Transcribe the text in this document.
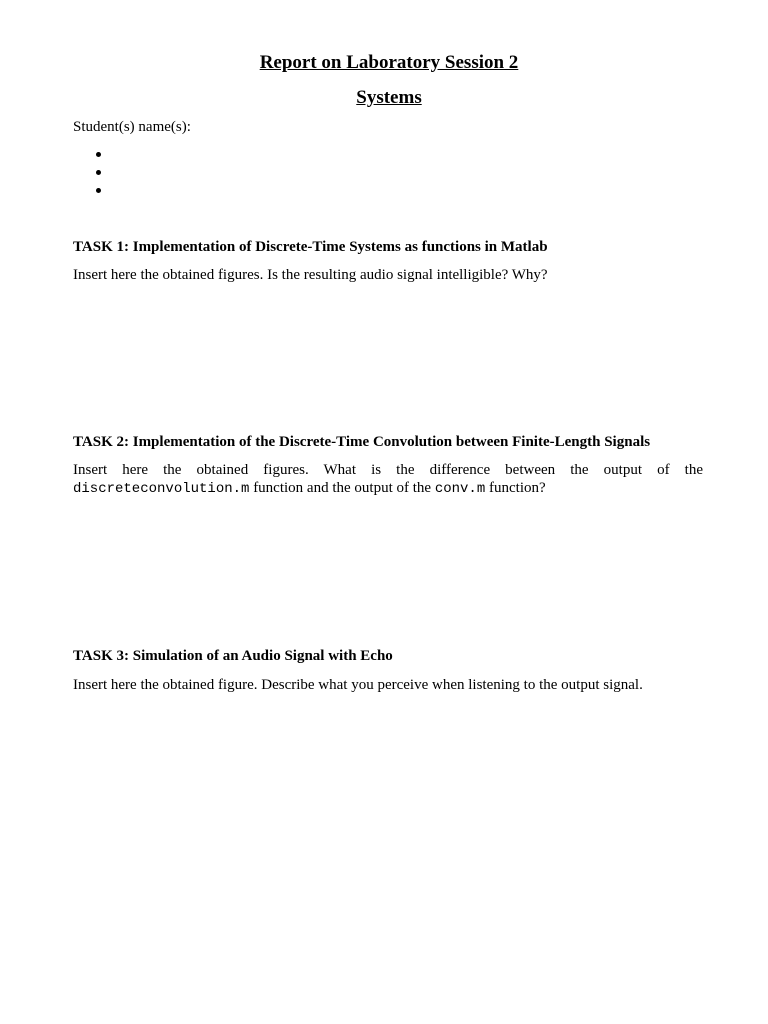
Report on Laboratory Session 2
Systems

Student(s) name(s):

TASK 1: Implementation of Discrete-Time Systems as functions in Matlab

Insert here the obtained figures. Is the resulting audio signal intelligible? Why?

TASK 2: Implementation of the Discrete-Time Convolution between Finite-Length Signals

Insert here the obtained figures. What is the difference between the output of the discreteconvolution.m function and the output of the conv.m function?

TASK 3: Simulation of an Audio Signal with Echo

Insert here the obtained figure. Describe what you perceive when listening to the output signal.
